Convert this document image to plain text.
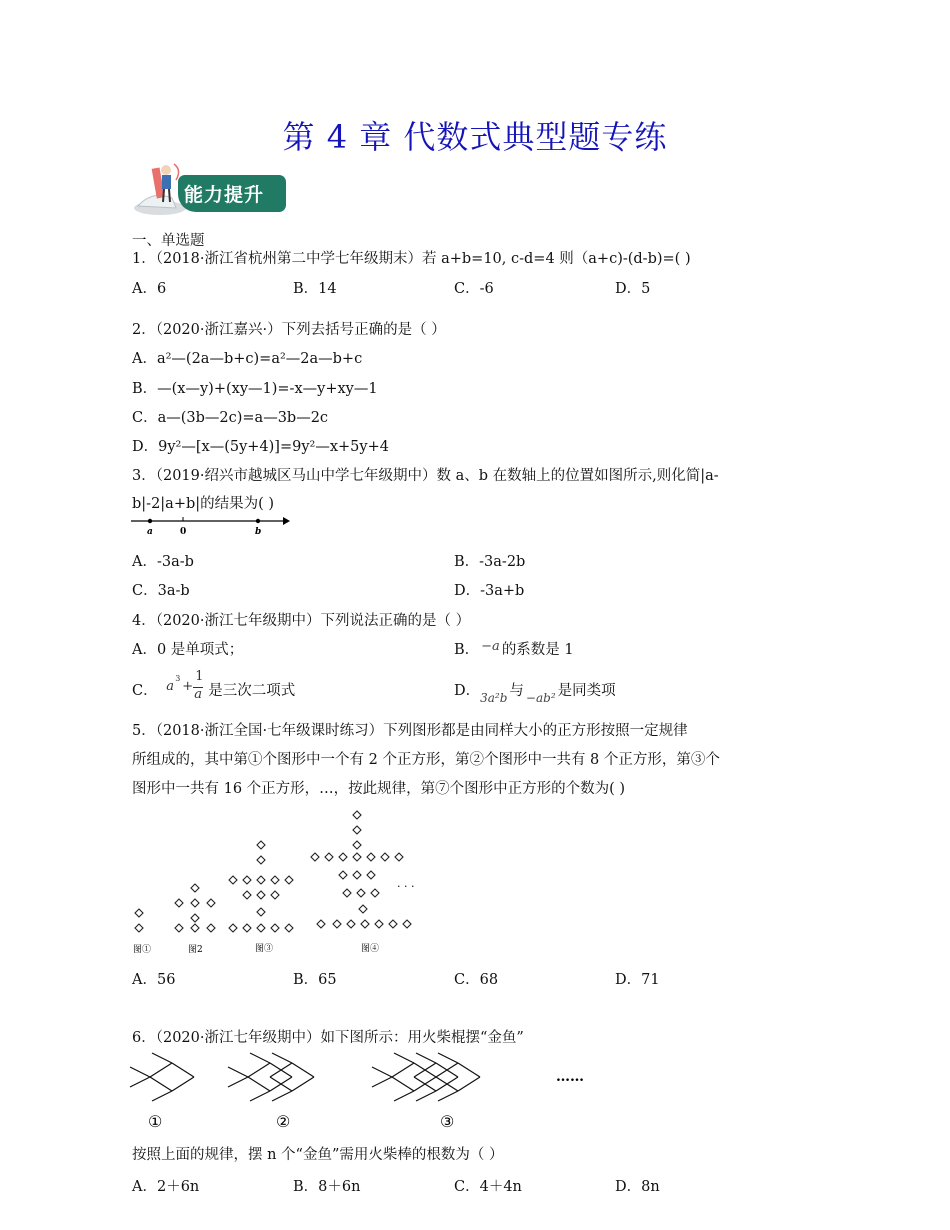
第 4 章 代数式典型题专练
能力提升
一、单选题
1．（2018·浙江省杭州第二中学七年级期末）若 a+b=10, c-d=4 则（a+c)-(d-b)=( )
A．6	B．14	C．-6	D．5
2．（2020·浙江嘉兴·）下列去括号正确的是（ ）
A．a²—(2a—b+c)=a²—2a—b+c
B．—(x—y)+(xy—1)=-x—y+xy—1
C．a—(3b—2c)=a—3b—2c
D．9y²—[x—(5y+4)]=9y²—x+5y+4
3．（2019·绍兴市越城区马山中学七年级期中）数 a、b 在数轴上的位置如图所示,则化简|a-
b|-2|a+b|的结果为( )
a	0	b
A．-3a-b	B．-3a-2b
C．3a-b	D．-3a+b
4．（2020·浙江七年级期中）下列说法正确的是（ ）
A．0 是单项式；	B． −a 的系数是 1
C． a
3
+
1
a 是三次二项式	D．$_{3a^2b}$ 与 $_{-ab^2}$ 是同类项
5．（2018·浙江全国·七年级课时练习）下列图形都是由同样大小的正方形按照一定规律
所组成的，其中第①个图形中一个有 2 个正方形，第②个图形中一共有 8 个正方形，第③个
图形中一共有 16 个正方形，…，按此规律，第⑦个图形中正方形的个数为( )
图①	图2	图③	图④
· · ·
A．56	B．65	C．68	D．71
6．（2020·浙江七年级期中）如下图所示：用火柴棍摆“金鱼”
①	②	③
……
按照上面的规律，摆 n 个“金鱼”需用火柴棒的根数为（ ）
A．2＋6n	B．8＋6n	C．4＋4n	D．8n
